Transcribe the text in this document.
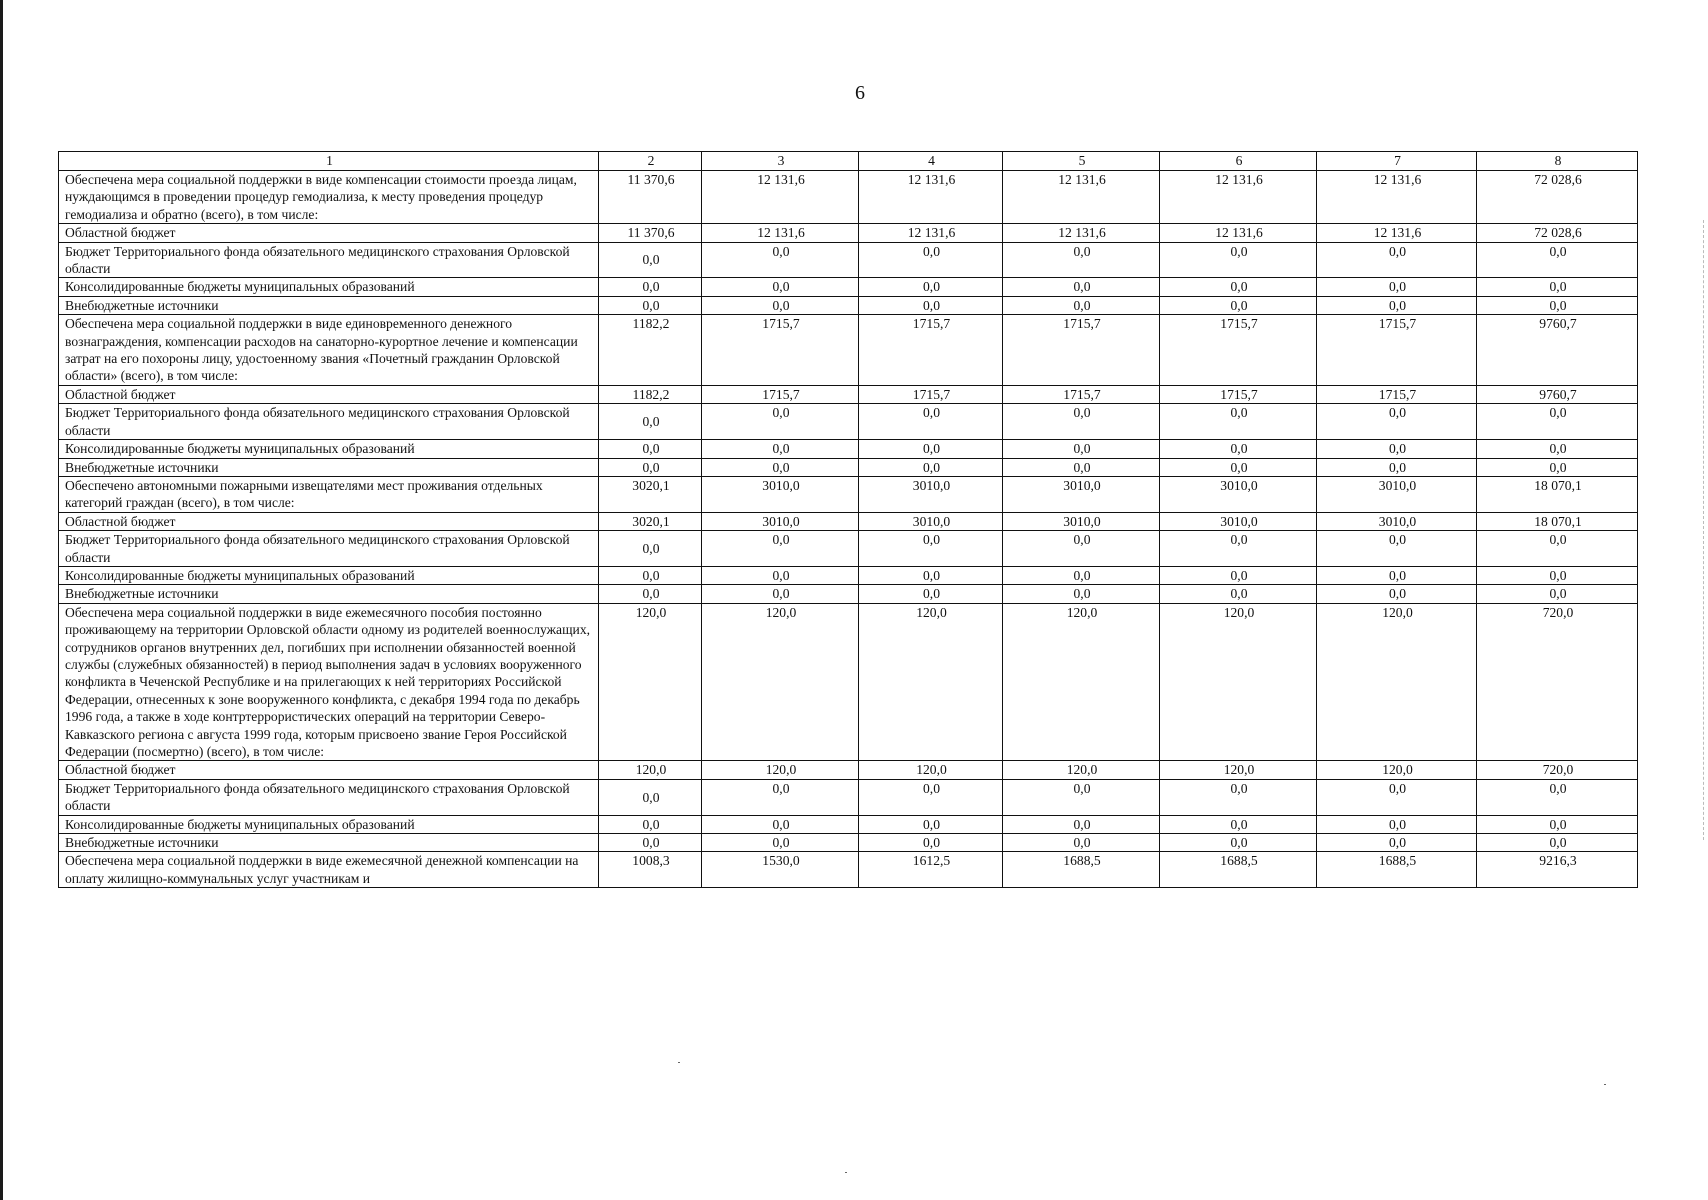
6
1	2	3	4	5	6	7	8
Обеспечена мера социальной поддержки в виде компенсации стоимости проезда лицам, нуждающимся в проведении процедур гемодиализа, к месту проведения процедур гемодиализа и обратно (всего), в том числе:	11 370,6	12 131,6	12 131,6	12 131,6	12 131,6	12 131,6	72 028,6
Областной бюджет	11 370,6	12 131,6	12 131,6	12 131,6	12 131,6	12 131,6	72 028,6
Бюджет Территориального фонда обязательного медицинского страхования Орловской области	0,0	0,0	0,0	0,0	0,0	0,0	0,0
Консолидированные бюджеты муниципальных образований	0,0	0,0	0,0	0,0	0,0	0,0	0,0
Внебюджетные источники	0,0	0,0	0,0	0,0	0,0	0,0	0,0
Обеспечена мера социальной поддержки в виде единовременного денежного вознаграждения, компенсации расходов на санаторно-курортное лечение и компенсации затрат на его похороны лицу, удостоенному звания «Почетный гражданин Орловской области» (всего), в том числе:	1182,2	1715,7	1715,7	1715,7	1715,7	1715,7	9760,7
Областной бюджет	1182,2	1715,7	1715,7	1715,7	1715,7	1715,7	9760,7
Бюджет Территориального фонда обязательного медицинского страхования Орловской области	0,0	0,0	0,0	0,0	0,0	0,0	0,0
Консолидированные бюджеты муниципальных образований	0,0	0,0	0,0	0,0	0,0	0,0	0,0
Внебюджетные источники	0,0	0,0	0,0	0,0	0,0	0,0	0,0
Обеспечено автономными пожарными извещателями мест проживания отдельных категорий граждан (всего), в том числе:	3020,1	3010,0	3010,0	3010,0	3010,0	3010,0	18 070,1
Областной бюджет	3020,1	3010,0	3010,0	3010,0	3010,0	3010,0	18 070,1
Бюджет Территориального фонда обязательного медицинского страхования Орловской области	0,0	0,0	0,0	0,0	0,0	0,0	0,0
Консолидированные бюджеты муниципальных образований	0,0	0,0	0,0	0,0	0,0	0,0	0,0
Внебюджетные источники	0,0	0,0	0,0	0,0	0,0	0,0	0,0
Обеспечена мера социальной поддержки в виде ежемесячного пособия постоянно проживающему на территории Орловской области одному из родителей военнослужащих, сотрудников органов внутренних дел, погибших при исполнении обязанностей военной службы (служебных обязанностей) в период выполнения задач в условиях вооруженного конфликта в Чеченской Республике и на прилегающих к ней территориях Российской Федерации, отнесенных к зоне вооруженного конфликта, с декабря 1994 года по декабрь 1996 года, а также в ходе контртеррористических операций на территории Северо-Кавказского региона с августа 1999 года, которым присвоено звание Героя Российской Федерации (посмертно) (всего), в том числе:	120,0	120,0	120,0	120,0	120,0	120,0	720,0
Областной бюджет	120,0	120,0	120,0	120,0	120,0	120,0	720,0
Бюджет Территориального фонда обязательного медицинского страхования Орловской области	0,0	0,0	0,0	0,0	0,0	0,0	0,0
Консолидированные бюджеты муниципальных образований	0,0	0,0	0,0	0,0	0,0	0,0	0,0
Внебюджетные источники	0,0	0,0	0,0	0,0	0,0	0,0	0,0
Обеспечена мера социальной поддержки в виде ежемесячной денежной компенсации на оплату жилищно-коммунальных услуг участникам и	1008,3	1530,0	1612,5	1688,5	1688,5	1688,5	9216,3
